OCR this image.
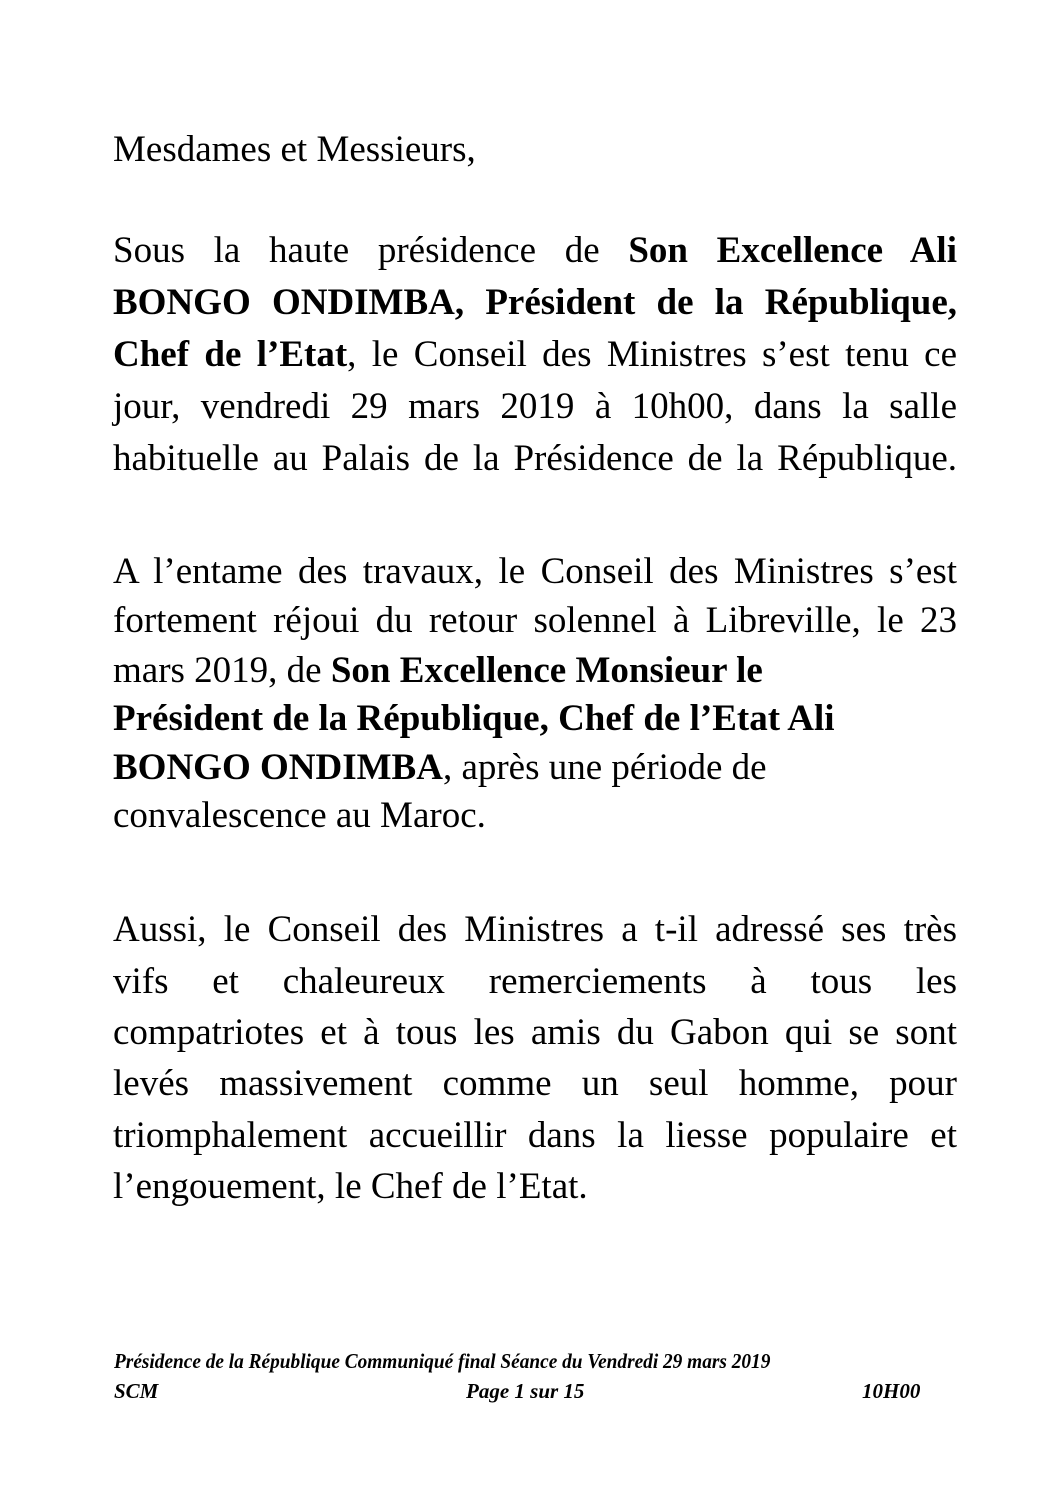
Mesdames et Messieurs,
Sous la haute présidence de Son Excellence Ali
BONGO ONDIMBA, Président de la République,
Chef de l’Etat, le Conseil des Ministres s’est tenu ce
jour, vendredi 29 mars 2019 à 10h00, dans la salle
habituelle au Palais de la Présidence de la République.
A l’entame des travaux, le Conseil des Ministres s’est
fortement réjoui du retour solennel à Libreville, le 23
mars 2019, de Son Excellence Monsieur le
Président de la République, Chef de l’Etat Ali
BONGO ONDIMBA, après une période de
convalescence au Maroc.
Aussi, le Conseil des Ministres a t-il adressé ses très
vifs et chaleureux remerciements à tous les
compatriotes et à tous les amis du Gabon qui se sont
levés massivement comme un seul homme, pour
triomphalement accueillir dans la liesse populaire et
l’engouement, le Chef de l’Etat.
Présidence de la République Communiqué final Séance du Vendredi 29 mars 2019
SCM	Page 1 sur 15	10H00
